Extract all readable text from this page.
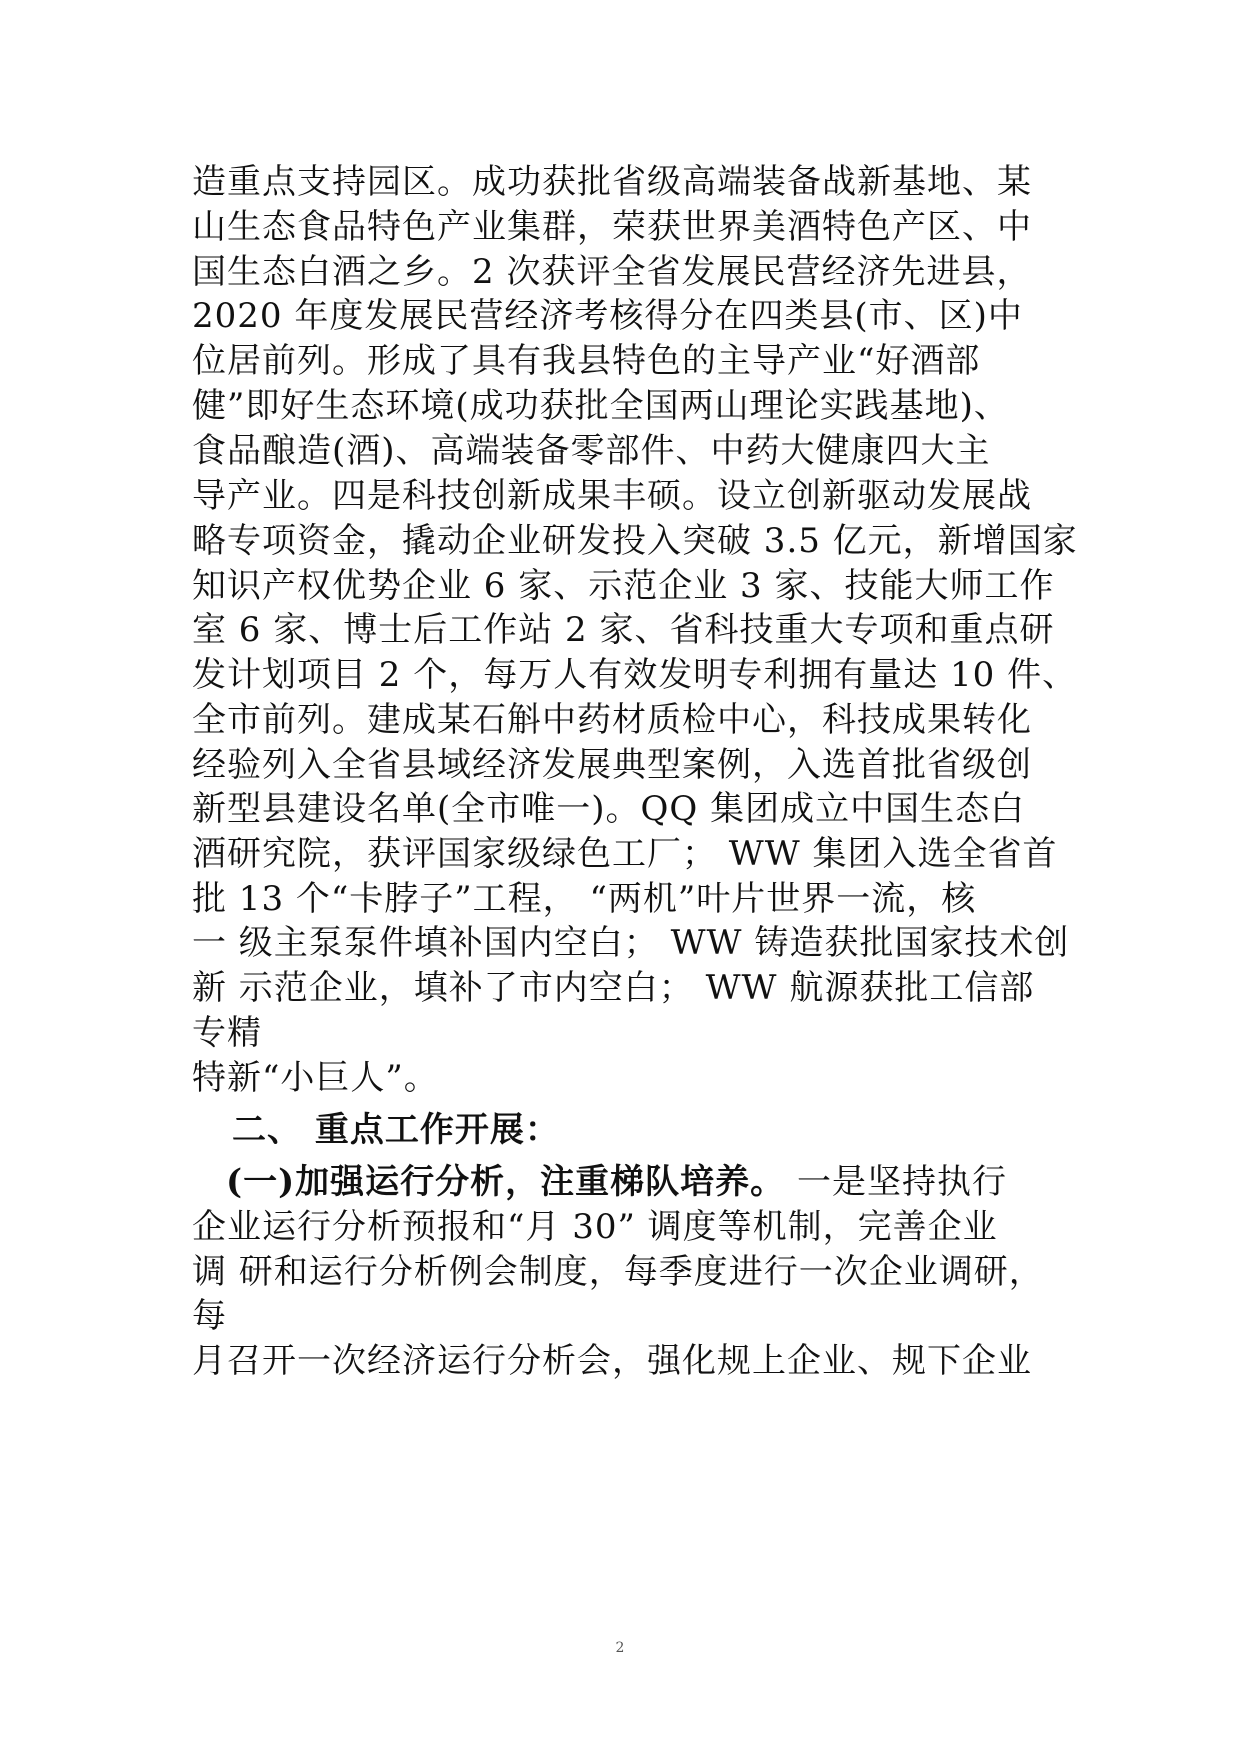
造重点支持园区。成功获批省级高端装备战新基地、某
山生态食品特色产业集群，荣获世界美酒特色产区、中
国生态白酒之乡。2 次获评全省发展民营经济先进县，
2020 年度发展民营经济考核得分在四类县(市、区)中
位居前列。形成了具有我县特色的主导产业“好酒部
健”即好生态环境(成功获批全国两山理论实践基地)、
食品酿造(酒)、高端装备零部件、中药大健康四大主
导产业。四是科技创新成果丰硕。设立创新驱动发展战
略专项资金，撬动企业研发投入突破 3.5 亿元，新增国家
知识产权优势企业 6 家、示范企业 3 家、技能大师工作
室 6 家、博士后工作站 2 家、省科技重大专项和重点研
发计划项目 2 个，每万人有效发明专利拥有量达 10 件、
全市前列。建成某石斛中药材质检中心，科技成果转化
经验列入全省县域经济发展典型案例，入选首批省级创
新型县建设名单(全市唯一)。QQ 集团成立中国生态白
酒研究院，获评国家级绿色工厂； WW 集团入选全省首
批 13 个“卡脖子”工程， “两机”叶片世界一流，核
一 级主泵泵件填补国内空白； WW 铸造获批国家技术创
新 示范企业，填补了市内空白； WW 航源获批工信部
专精
特新“小巨人”。
二、 重点工作开展：
(一)加强运行分析，注重梯队培养。 一是坚持执行
企业运行分析预报和“月 30” 调度等机制，完善企业
调 研和运行分析例会制度，每季度进行一次企业调研，
每
月召开一次经济运行分析会，强化规上企业、规下企业
2
